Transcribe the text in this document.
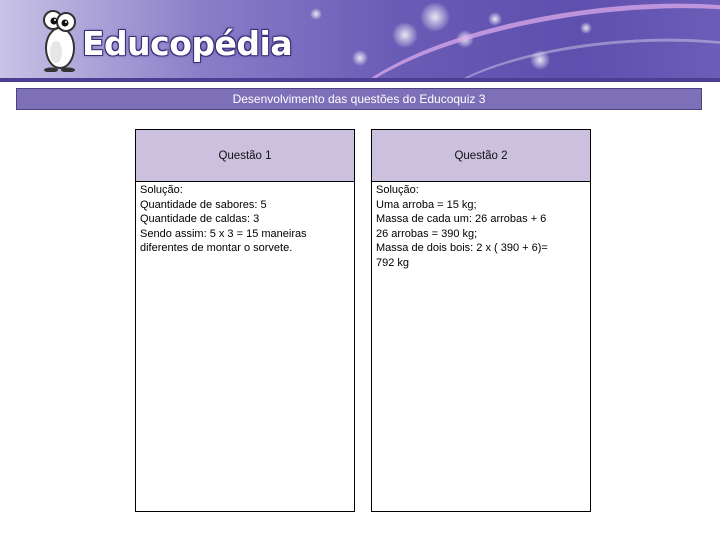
Educopédia
Desenvolvimento das questões do Educoquiz 3
Questão 1
Solução:
Quantidade de sabores: 5
Quantidade de caldas: 3
Sendo assim: 5 x 3 = 15 maneiras
diferentes de montar o sorvete.
Questão 2
Solução:
Uma arroba = 15 kg;
Massa de cada um: 26 arrobas + 6
26 arrobas = 390 kg;
Massa de dois bois: 2 x ( 390 + 6)=
792 kg
